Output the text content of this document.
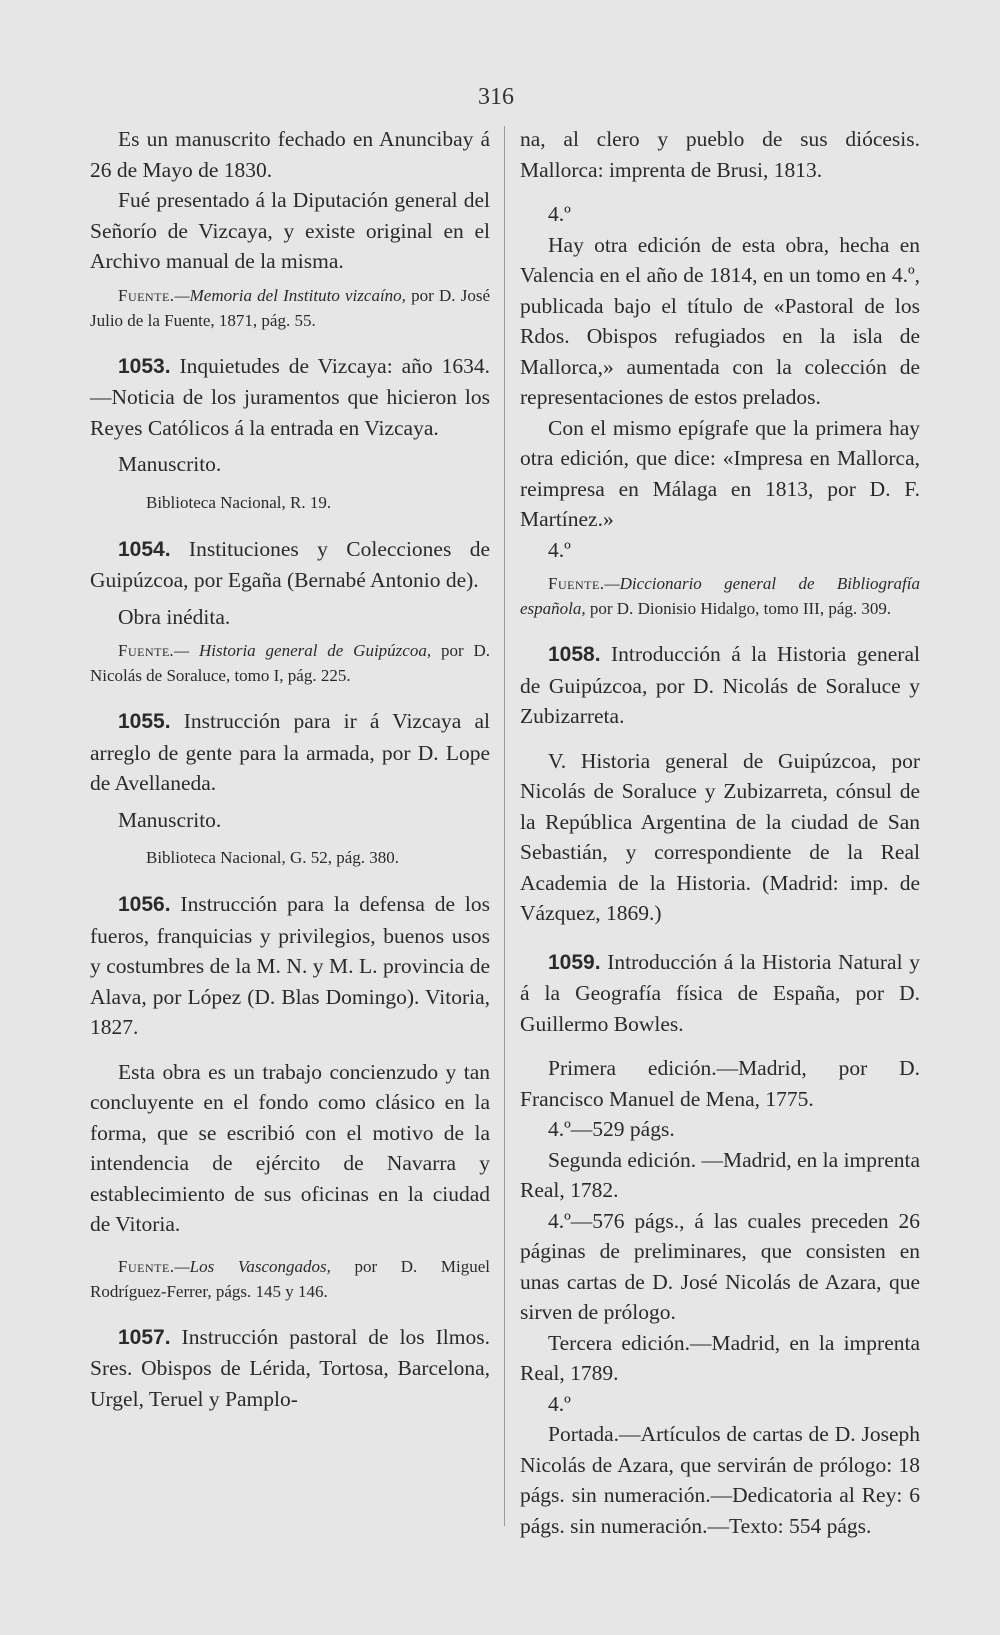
316

Es un manuscrito fechado en Anuncibay á 26 de Mayo de 1830.

Fué presentado á la Diputación general del Señorío de Vizcaya, y existe original en el Archivo manual de la misma.

Fuente.—Memoria del Instituto vizcaíno, por D. José Julio de la Fuente, 1871, pág. 55.

1053. Inquietudes de Vizcaya: año 1634.—Noticia de los juramentos que hicieron los Reyes Católicos á la entrada en Vizcaya.

Manuscrito.

Biblioteca Nacional, R. 19.

1054. Instituciones y Colecciones de Guipúzcoa, por Egaña (Bernabé Antonio de).

Obra inédita.

Fuente.— Historia general de Guipúzcoa, por D. Nicolás de Soraluce, tomo I, pág. 225.

1055. Instrucción para ir á Vizcaya al arreglo de gente para la armada, por D. Lope de Avellaneda.

Manuscrito.

Biblioteca Nacional, G. 52, pág. 380.

1056. Instrucción para la defensa de los fueros, franquicias y privilegios, buenos usos y costumbres de la M. N. y M. L. provincia de Alava, por López (D. Blas Domingo). Vitoria, 1827.

Esta obra es un trabajo concienzudo y tan concluyente en el fondo como clásico en la forma, que se escribió con el motivo de la intendencia de ejército de Navarra y establecimiento de sus oficinas en la ciudad de Vitoria.

Fuente.—Los Vascongados, por D. Miguel Rodríguez-Ferrer, págs. 145 y 146.

1057. Instrucción pastoral de los Ilmos. Sres. Obispos de Lérida, Tortosa, Barcelona, Urgel, Teruel y Pamplo-

na, al clero y pueblo de sus diócesis. Mallorca: imprenta de Brusi, 1813.

4.º

Hay otra edición de esta obra, hecha en Valencia en el año de 1814, en un tomo en 4.º, publicada bajo el título de «Pastoral de los Rdos. Obispos refugiados en la isla de Mallorca,» aumentada con la colección de representaciones de estos prelados.

Con el mismo epígrafe que la primera hay otra edición, que dice: «Impresa en Mallorca, reimpresa en Málaga en 1813, por D. F. Martínez.»

4.º

Fuente.—Diccionario general de Bibliografía española, por D. Dionisio Hidalgo, tomo III, pág. 309.

1058. Introducción á la Historia general de Guipúzcoa, por D. Nicolás de Soraluce y Zubizarreta.

V. Historia general de Guipúzcoa, por Nicolás de Soraluce y Zubizarreta, cónsul de la República Argentina de la ciudad de San Sebastián, y correspondiente de la Real Academia de la Historia. (Madrid: imp. de Vázquez, 1869.)

1059. Introducción á la Historia Natural y á la Geografía física de España, por D. Guillermo Bowles.

Primera edición.—Madrid, por D. Francisco Manuel de Mena, 1775.

4.º—529 págs.

Segunda edición. —Madrid, en la imprenta Real, 1782.

4.º—576 págs., á las cuales preceden 26 páginas de preliminares, que consisten en unas cartas de D. José Nicolás de Azara, que sirven de prólogo.

Tercera edición.—Madrid, en la imprenta Real, 1789.

4.º

Portada.—Artículos de cartas de D. Joseph Nicolás de Azara, que servirán de prólogo: 18 págs. sin numeración.—Dedicatoria al Rey: 6 págs. sin numeración.—Texto: 554 págs.
